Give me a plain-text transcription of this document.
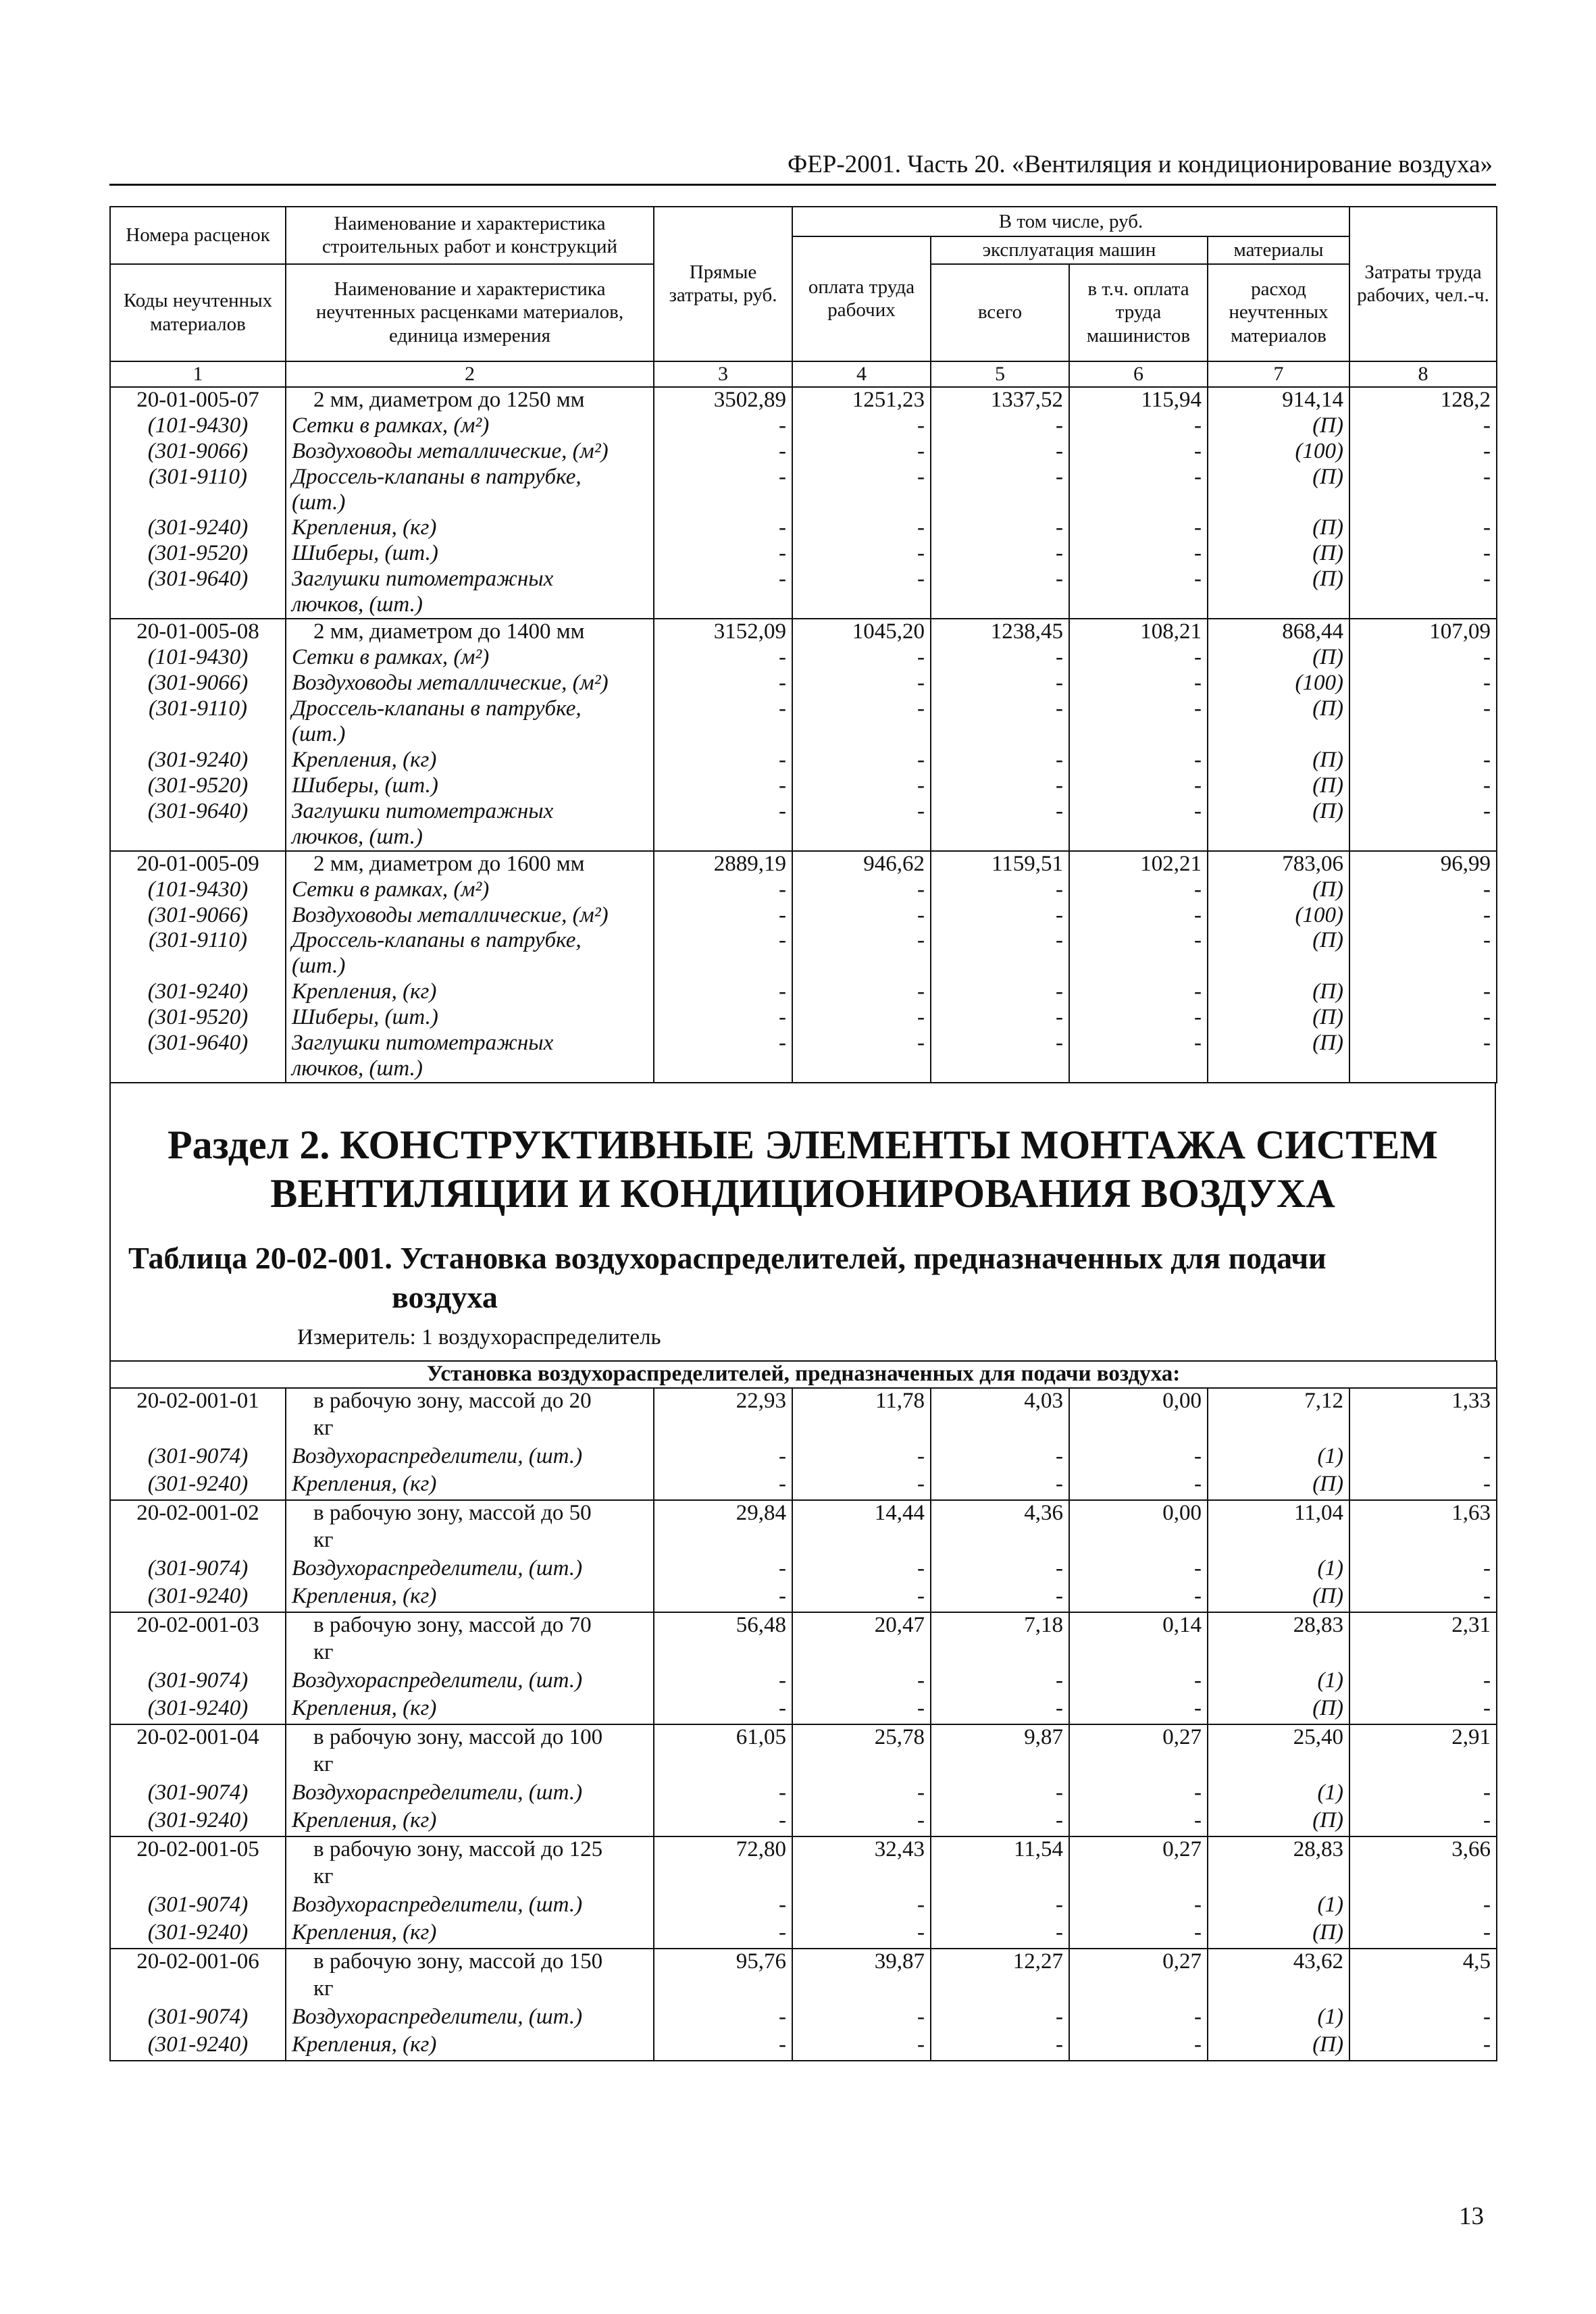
ФЕР-2001. Часть 20. «Вентиляция и кондиционирование воздуха»
Номера расценок	Наименование и характеристика строительных работ и конструкций	Прямые затраты, руб.	В том числе, руб.				Затраты труда рабочих, чел.-ч.
			оплата труда рабочих	эксплуатация машин		материалы	
Коды неучтенных материалов	Наименование и характеристика неучтенных расценками материалов, единица измерения			всего	в т.ч. оплата труда машинистов	расход неучтенных материалов	

1	2	3	4	5	6	7	8
20-01-005-07	2 мм, диаметром до 1250 мм	3502,89	1251,23	1337,52	115,94	914,14	128,2
(101-9430)	Сетки в рамках, (м²)	-	-	-	-	(П)	-
(301-9066)	Воздуховоды металлические, (м²)	-	-	-	-	(100)	-
(301-9110)	Дроссель-клапаны в патрубке,	-	-	-	-	(П)	-
	(шт.)						
(301-9240)	Крепления, (кг)	-	-	-	-	(П)	-
(301-9520)	Шиберы, (шт.)	-	-	-	-	(П)	-
(301-9640)	Заглушки питометражных	-	-	-	-	(П)	-
	лючков, (шт.)						
20-01-005-08	2 мм, диаметром до 1400 мм	3152,09	1045,20	1238,45	108,21	868,44	107,09
(101-9430)	Сетки в рамках, (м²)	-	-	-	-	(П)	-
(301-9066)	Воздуховоды металлические, (м²)	-	-	-	-	(100)	-
(301-9110)	Дроссель-клапаны в патрубке,	-	-	-	-	(П)	-
	(шт.)						
(301-9240)	Крепления, (кг)	-	-	-	-	(П)	-
(301-9520)	Шиберы, (шт.)	-	-	-	-	(П)	-
(301-9640)	Заглушки питометражных	-	-	-	-	(П)	-
	лючков, (шт.)						
20-01-005-09	2 мм, диаметром до 1600 мм	2889,19	946,62	1159,51	102,21	783,06	96,99
(101-9430)	Сетки в рамках, (м²)	-	-	-	-	(П)	-
(301-9066)	Воздуховоды металлические, (м²)	-	-	-	-	(100)	-
(301-9110)	Дроссель-клапаны в патрубке,	-	-	-	-	(П)	-
	(шт.)						
(301-9240)	Крепления, (кг)	-	-	-	-	(П)	-
(301-9520)	Шиберы, (шт.)	-	-	-	-	(П)	-
(301-9640)	Заглушки питометражных	-	-	-	-	(П)	-
	лючков, (шт.)						
Раздел 2. КОНСТРУКТИВНЫЕ ЭЛЕМЕНТЫ МОНТАЖА СИСТЕМ
ВЕНТИЛЯЦИИ И КОНДИЦИОНИРОВАНИЯ ВОЗДУХА
Таблица 20-02-001. Установка воздухораспределителей, предназначенных для подачи
воздуха
Измеритель: 1 воздухораспределитель
Установка воздухораспределителей, предназначенных для подачи воздуха:							
20-02-001-01	в рабочую зону, массой до 20	22,93	11,78	4,03	0,00	7,12	1,33
	кг						
(301-9074)	Воздухораспределители, (шт.)	-	-	-	-	(1)	-
(301-9240)	Крепления, (кг)	-	-	-	-	(П)	-
20-02-001-02	в рабочую зону, массой до 50	29,84	14,44	4,36	0,00	11,04	1,63
	кг						
(301-9074)	Воздухораспределители, (шт.)	-	-	-	-	(1)	-
(301-9240)	Крепления, (кг)	-	-	-	-	(П)	-
20-02-001-03	в рабочую зону, массой до 70	56,48	20,47	7,18	0,14	28,83	2,31
	кг						
(301-9074)	Воздухораспределители, (шт.)	-	-	-	-	(1)	-
(301-9240)	Крепления, (кг)	-	-	-	-	(П)	-
20-02-001-04	в рабочую зону, массой до 100	61,05	25,78	9,87	0,27	25,40	2,91
	кг						
(301-9074)	Воздухораспределители, (шт.)	-	-	-	-	(1)	-
(301-9240)	Крепления, (кг)	-	-	-	-	(П)	-
20-02-001-05	в рабочую зону, массой до 125	72,80	32,43	11,54	0,27	28,83	3,66
	кг						
(301-9074)	Воздухораспределители, (шт.)	-	-	-	-	(1)	-
(301-9240)	Крепления, (кг)	-	-	-	-	(П)	-
20-02-001-06	в рабочую зону, массой до 150	95,76	39,87	12,27	0,27	43,62	4,5
	кг						
(301-9074)	Воздухораспределители, (шт.)	-	-	-	-	(1)	-
(301-9240)	Крепления, (кг)	-	-	-	-	(П)	-
13
